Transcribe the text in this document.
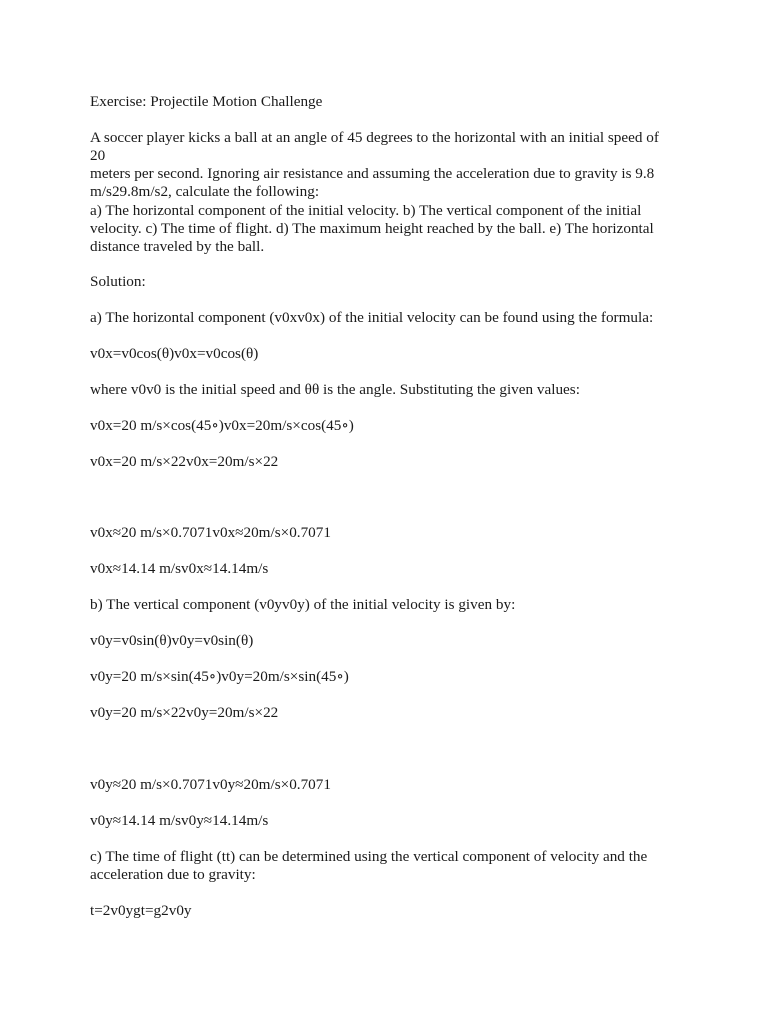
Exercise: Projectile Motion Challenge
A soccer player kicks a ball at an angle of 45 degrees to the horizontal with an initial speed of 20
meters per second. Ignoring air resistance and assuming the acceleration due to gravity is 9.8
m/s29.8m/s2, calculate the following:
a) The horizontal component of the initial velocity. b) The vertical component of the initial
velocity. c) The time of flight. d) The maximum height reached by the ball. e) The horizontal
distance traveled by the ball.
Solution:
a) The horizontal component (v0xv0x) of the initial velocity can be found using the formula:
v0x=v0cos(θ)v0x=v0cos(θ)
where v0v0 is the initial speed and θθ is the angle. Substituting the given values:
v0x=20 m/s×cos(45∘)v0x=20m/s×cos(45∘)
v0x=20 m/s×22v0x=20m/s×22
v0x≈20 m/s×0.7071v0x≈20m/s×0.7071
v0x≈14.14 m/sv0x≈14.14m/s
b) The vertical component (v0yv0y) of the initial velocity is given by:
v0y=v0sin(θ)v0y=v0sin(θ)
v0y=20 m/s×sin(45∘)v0y=20m/s×sin(45∘)
v0y=20 m/s×22v0y=20m/s×22
v0y≈20 m/s×0.7071v0y≈20m/s×0.7071
v0y≈14.14 m/sv0y≈14.14m/s
c) The time of flight (tt) can be determined using the vertical component of velocity and the
acceleration due to gravity:
t=2v0ygt=g2v0y
